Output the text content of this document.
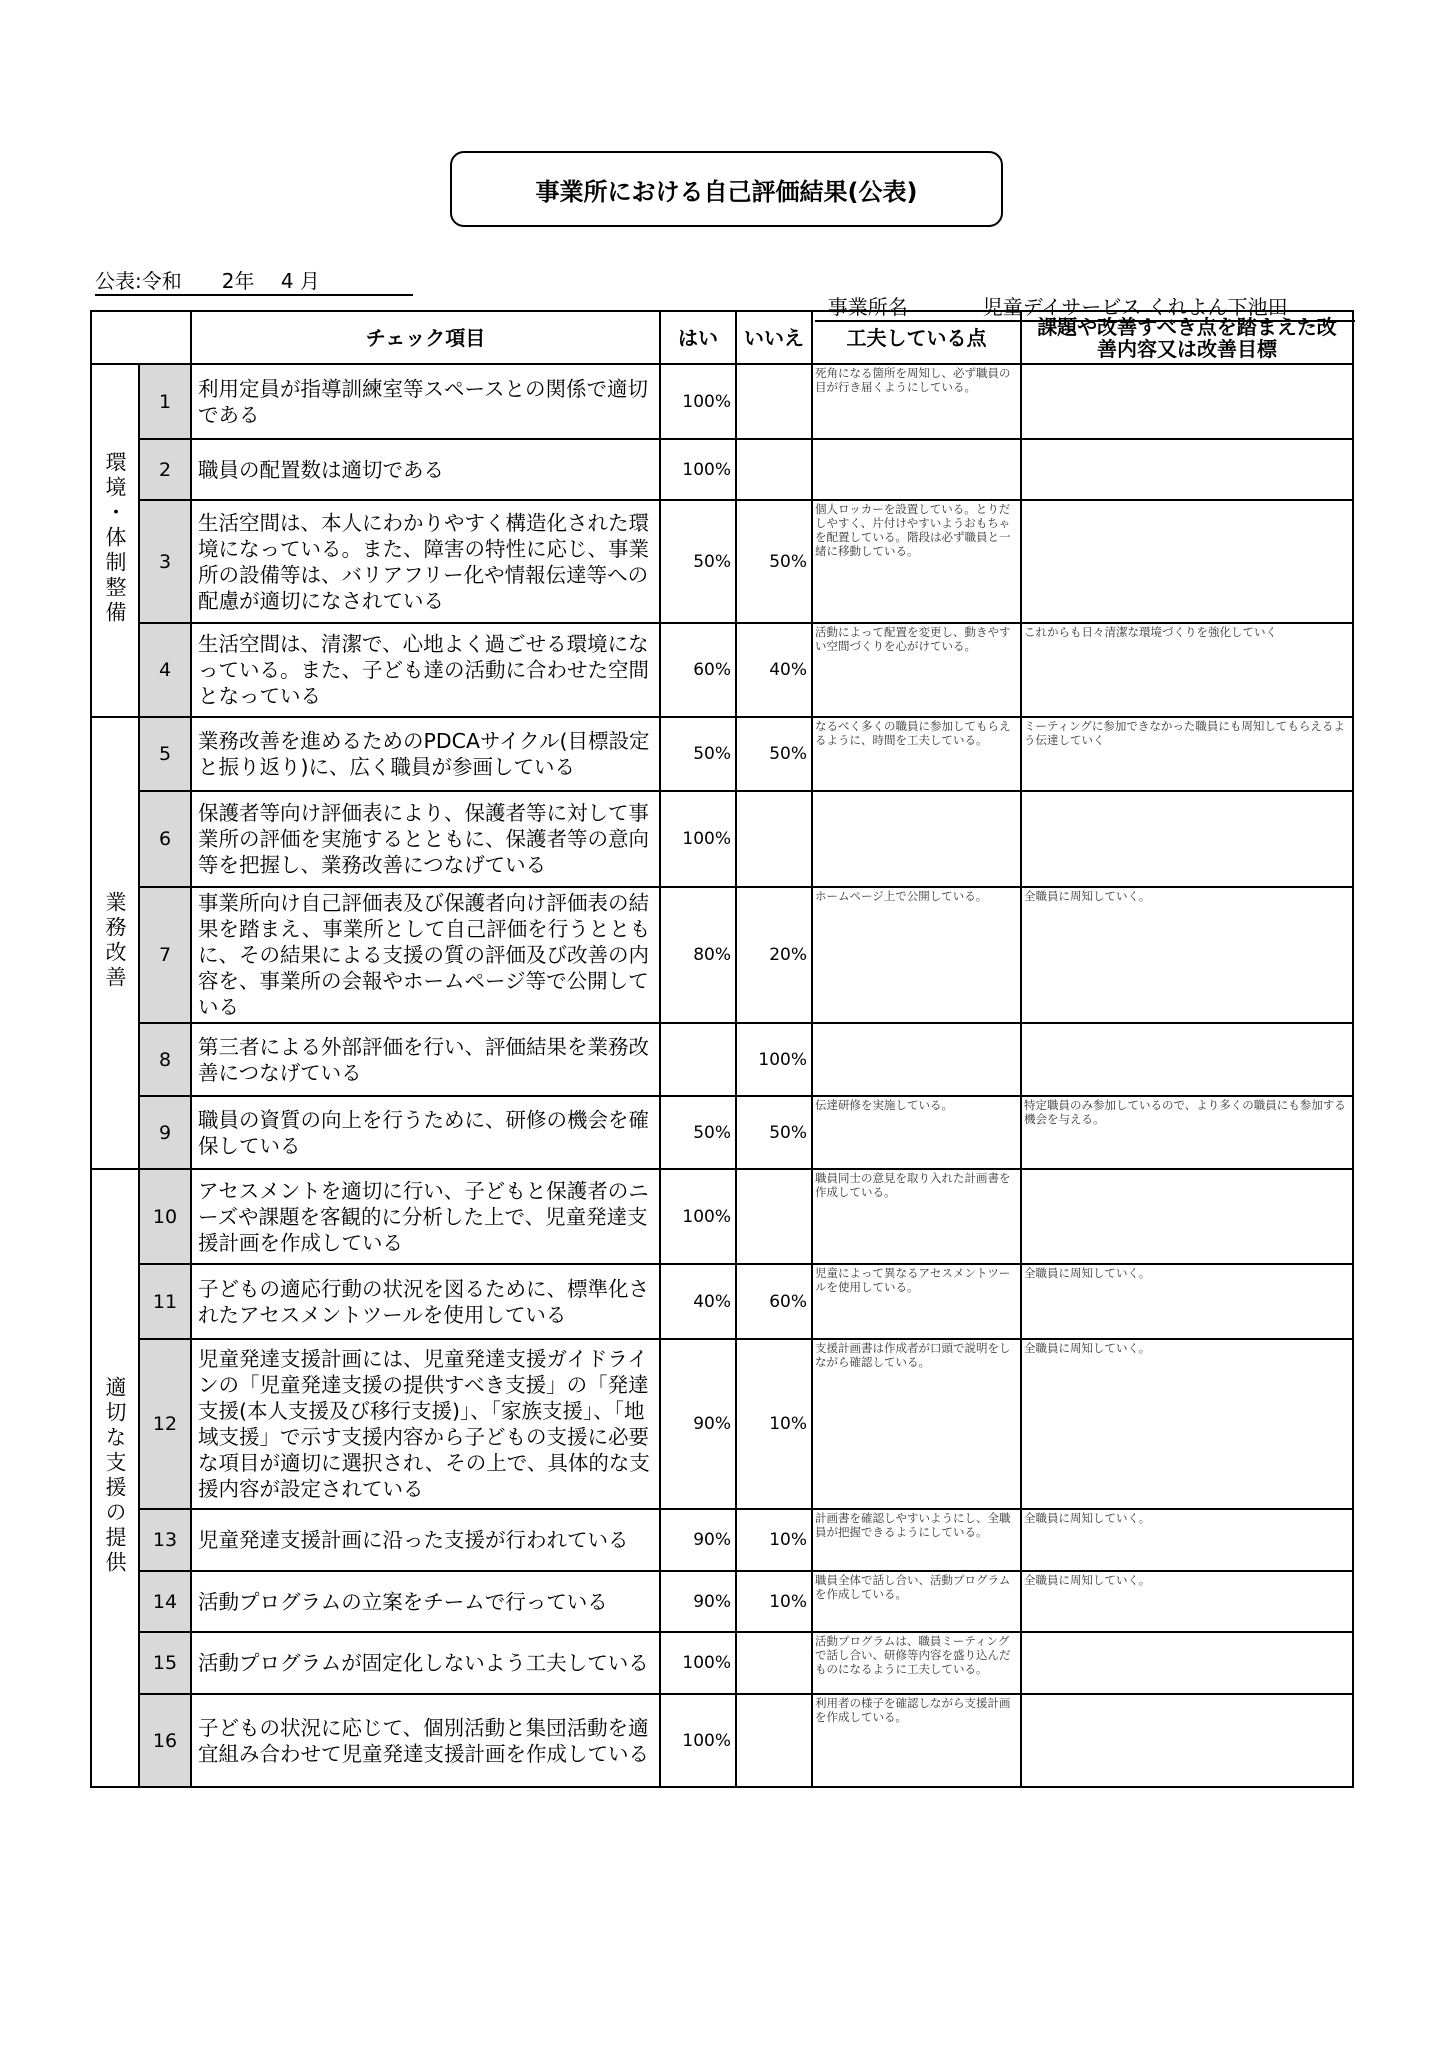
事業所における自己評価結果(公表)
公表:令和　　2年　 4 月　　

事業所名	児童デイサービス くれよん下池田

		チェック項目	はい	いいえ	工夫している点	課題や改善すべき点を踏まえた改善内容又は改善目標
環境・体制整備	1	利用定員が指導訓練室等スペースとの関係で適切である	100%		死角になる箇所を周知し、必ず職員の目が行き届くようにしている。	
	2	職員の配置数は適切である	100%			
	3	生活空間は、本人にわかりやすく構造化された環境になっている。また、障害の特性に応じ、事業所の設備等は、バリアフリー化や情報伝達等への配慮が適切になされている	50%	50%	個人ロッカーを設置している。とりだしやすく、片付けやすいようおもちゃを配置している。階段は必ず職員と一緒に移動している。	
	4	生活空間は、清潔で、心地よく過ごせる環境になっている。また、子ども達の活動に合わせた空間となっている	60%	40%	活動によって配置を変更し、動きやすい空間づくりを心がけている。	これからも日々清潔な環境づくりを強化していく
業務改善	5	業務改善を進めるためのPDCAサイクル(目標設定と振り返り)に、広く職員が参画している	50%	50%	なるべく多くの職員に参加してもらえるように、時間を工夫している。	ミーティングに参加できなかった職員にも周知してもらえるよう伝達していく
	6	保護者等向け評価表により、保護者等に対して事業所の評価を実施するとともに、保護者等の意向等を把握し、業務改善につなげている	100%			
	7	事業所向け自己評価表及び保護者向け評価表の結果を踏まえ、事業所として自己評価を行うとともに、その結果による支援の質の評価及び改善の内容を、事業所の会報やホームページ等で公開している	80%	20%	ホームページ上で公開している。	全職員に周知していく。
	8	第三者による外部評価を行い、評価結果を業務改善につなげている		100%		
	9	職員の資質の向上を行うために、研修の機会を確保している	50%	50%	伝達研修を実施している。	特定職員のみ参加しているので、より多くの職員にも参加する機会を与える。
適切な支援の提供	10	アセスメントを適切に行い、子どもと保護者のニーズや課題を客観的に分析した上で、児童発達支援計画を作成している	100%		職員同士の意見を取り入れた計画書を作成している。	
	11	子どもの適応行動の状況を図るために、標準化されたアセスメントツールを使用している	40%	60%	児童によって異なるアセスメントツールを使用している。	全職員に周知していく。
	12	児童発達支援計画には、児童発達支援ガイドラインの「児童発達支援の提供すべき支援」の「発達支援(本人支援及び移行支援)」、「家族支援」、「地域支援」で示す支援内容から子どもの支援に必要な項目が適切に選択され、その上で、具体的な支援内容が設定されている	90%	10%	支援計画書は作成者が口頭で説明をしながら確認している。	全職員に周知していく。
	13	児童発達支援計画に沿った支援が行われている	90%	10%	計画書を確認しやすいようにし、全職員が把握できるようにしている。	全職員に周知していく。
	14	活動プログラムの立案をチームで行っている	90%	10%	職員全体で話し合い、活動プログラムを作成している。	全職員に周知していく。
	15	活動プログラムが固定化しないよう工夫している	100%		活動プログラムは、職員ミーティングで話し合い、研修等内容を盛り込んだものになるように工夫している。	
	16	子どもの状況に応じて、個別活動と集団活動を適宜組み合わせて児童発達支援計画を作成している	100%		利用者の様子を確認しながら支援計画を作成している。	
